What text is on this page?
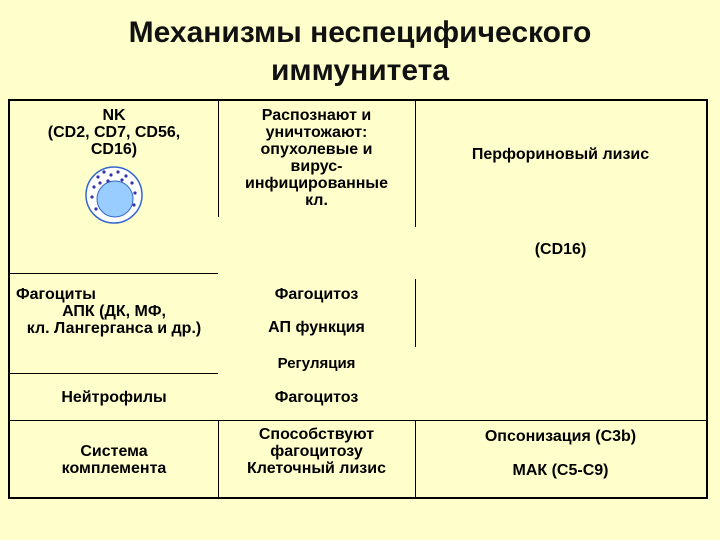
Механизмы неспецифического
иммунитета
NK
(CD2, CD7, CD56,
CD16)
Распознают и
уничтожают:
опухолевые и
вирус-
инфицированные
кл.
Перфориновый лизис
(CD16)
Фагоциты
АПК (ДК, МФ,
кл. Лангерганса и др.)
Фагоцитоз
АП функция
Регуляция
Нейтрофилы	Фагоцитоз
Система
комплемента
Способствуют
фагоцитозу
Клеточный лизис
Опсонизация (С3b)
МАК (С5-С9)
